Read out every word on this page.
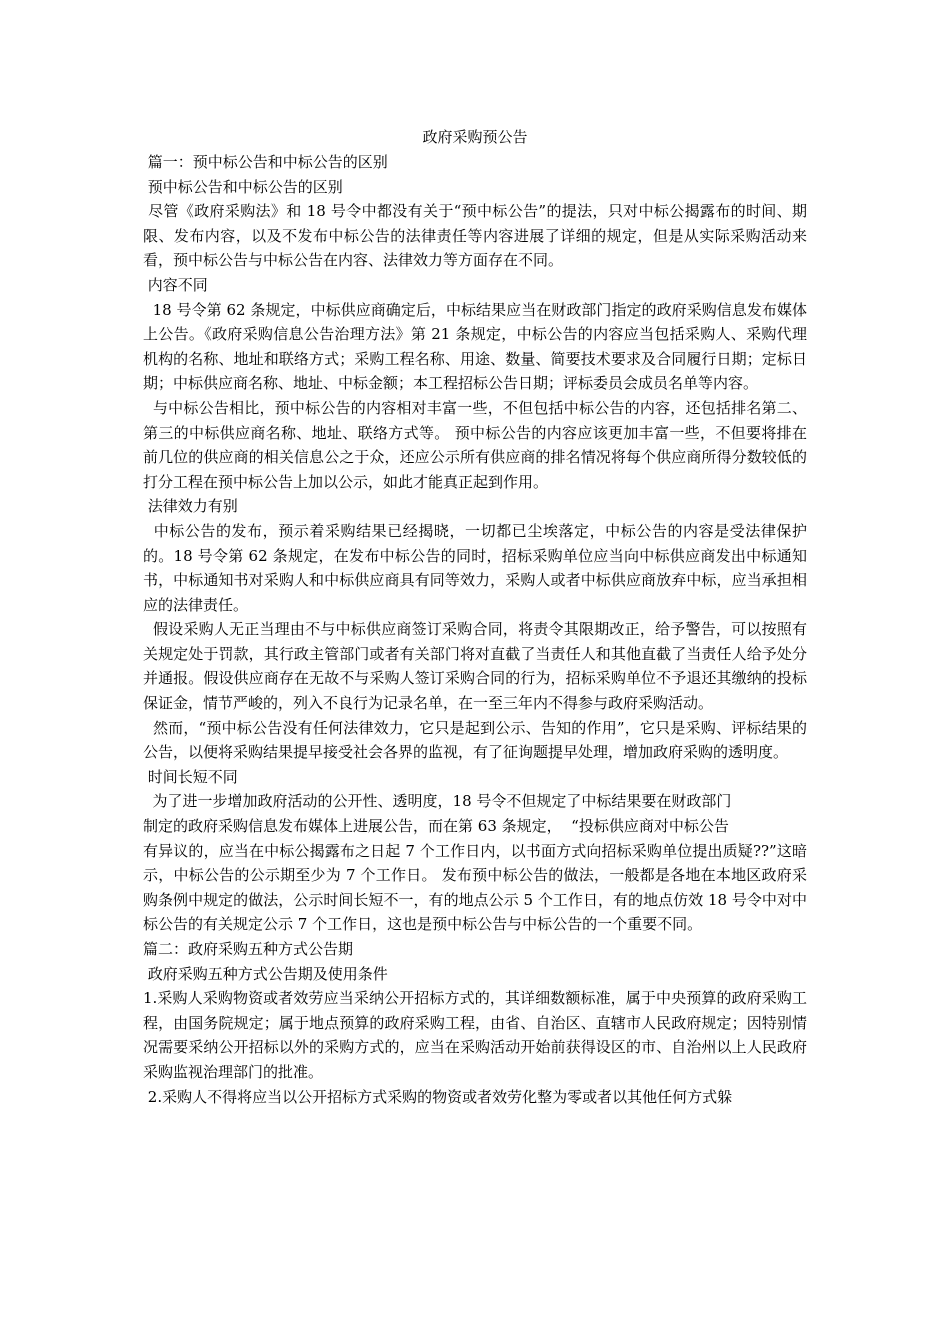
政府采购预公告
篇一：预中标公告和中标公告的区别
预中标公告和中标公告的区别
尽管《政府采购法》和 18 号令中都没有关于“预中标公告”的提法，只对中标公揭露布的时间、期限、发布内容，以及不发布中标公告的法律责任等内容进展了详细的规定，但是从实际采购活动来看，预中标公告与中标公告在内容、法律效力等方面存在不同。
内容不同
18 号令第 62 条规定，中标供应商确定后，中标结果应当在财政部门指定的政府采购信息发布媒体上公告。《政府采购信息公告治理方法》第 21 条规定，中标公告的内容应当包括采购人、采购代理机构的名称、地址和联络方式；采购工程名称、用途、数量、简要技术要求及合同履行日期；定标日期；中标供应商名称、地址、中标金额；本工程招标公告日期；评标委员会成员名单等内容。
与中标公告相比，预中标公告的内容相对丰富一些，不但包括中标公告的内容，还包括排名第二、第三的中标供应商名称、地址、联络方式等。 预中标公告的内容应该更加丰富一些，不但要将排在前几位的供应商的相关信息公之于众，还应公示所有供应商的排名情况将每个供应商所得分数较低的打分工程在预中标公告上加以公示，如此才能真正起到作用。
法律效力有别
中标公告的发布，预示着采购结果已经揭晓，一切都已尘埃落定，中标公告的内容是受法律保护的。18 号令第 62 条规定，在发布中标公告的同时，招标采购单位应当向中标供应商发出中标通知书，中标通知书对采购人和中标供应商具有同等效力，采购人或者中标供应商放弃中标，应当承担相应的法律责任。
假设采购人无正当理由不与中标供应商签订采购合同，将责令其限期改正，给予警告，可以按照有关规定处于罚款，其行政主管部门或者有关部门将对直截了当责任人和其他直截了当责任人给予处分并通报。假设供应商存在无故不与采购人签订采购合同的行为，招标采购单位不予退还其缴纳的投标保证金，情节严峻的，列入不良行为记录名单，在一至三年内不得参与政府采购活动。
然而，“预中标公告没有任何法律效力，它只是起到公示、告知的作用”，它只是采购、评标结果的公告，以便将采购结果提早接受社会各界的监视，有了征询题提早处理，增加政府采购的透明度。
时间长短不同
为了进一步增加政府活动的公开性、透明度，18 号令不但规定了中标结果要在财政部门
制定的政府采购信息发布媒体上进展公告，而在第 63 条规定，  “投标供应商对中标公告
有异议的，应当在中标公揭露布之日起 7 个工作日内，以书面方式向招标采购单位提出质疑??”这暗示，中标公告的公示期至少为 7 个工作日。 发布预中标公告的做法，一般都是各地在本地区政府采购条例中规定的做法，公示时间长短不一，有的地点公示 5 个工作日，有的地点仿效 18 号令中对中标公告的有关规定公示 7 个工作日，这也是预中标公告与中标公告的一个重要不同。
篇二：政府采购五种方式公告期
政府采购五种方式公告期及使用条件
1.采购人采购物资或者效劳应当采纳公开招标方式的，其详细数额标准，属于中央预算的政府采购工程，由国务院规定；属于地点预算的政府采购工程，由省、自治区、直辖市人民政府规定；因特别情况需要采纳公开招标以外的采购方式的，应当在采购活动开始前获得设区的市、自治州以上人民政府采购监视治理部门的批准。
2.采购人不得将应当以公开招标方式采购的物资或者效劳化整为零或者以其他任何方式躲
